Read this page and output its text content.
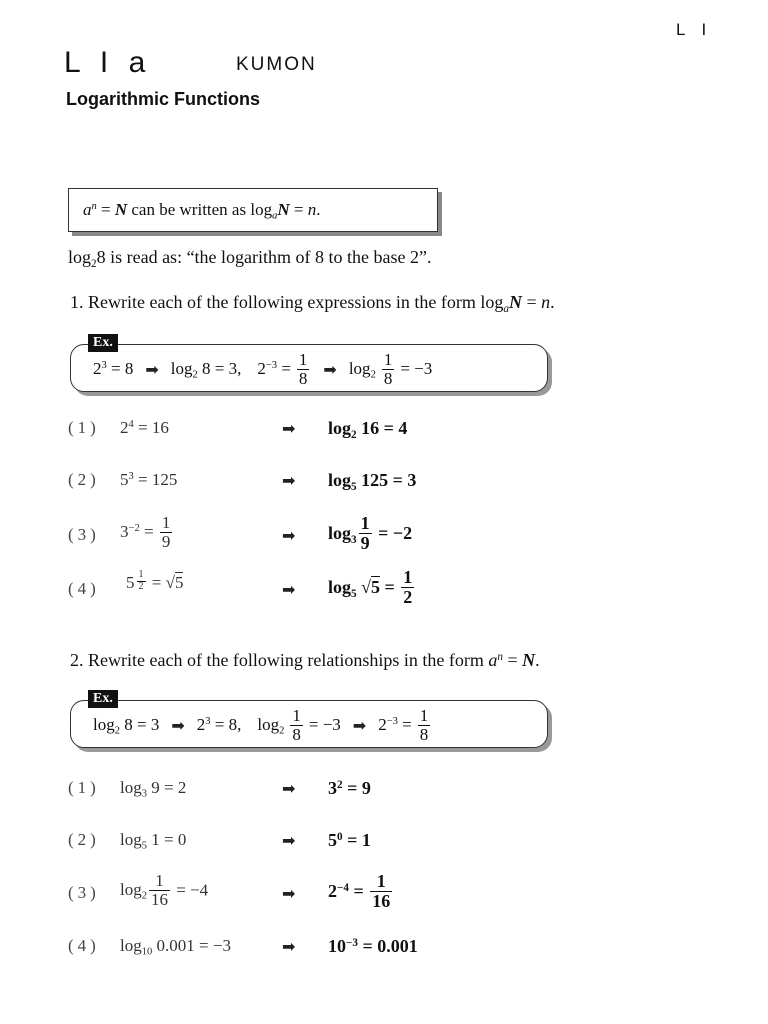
L I
L I a	KUMON
Logarithmic Functions
$a^n = N$ can be written as $\log_aN = n$.
$\log_28$ is read as: “the logarithm of 8 to the base 2”.
1. Rewrite each of the following expressions in the form $\log_aN = n$.
$2^3 = 8$ ➡ $\log_2 8 = 3$, $2^{-3} = \frac{1}{8}$ ➡ $\log_2 \frac{1}{8} = -3$
Ex.
(1) $2^4 = 16$	➡ $\log_2 16 = 4$
(2) $5^3 = 125$	➡ $\log_5 125 = 3$
(3) $3^{-2} = \frac{1}{9}$	➡ $\log_3 \frac{1}{9} = -2$
(4) $5 \frac{1}{2} = √5$	➡ $\log_5 √5 = \frac{1}{2}$
2. Rewrite each of the following relationships in the form $a^n = N$.
$\log_2 8 = 3$ ➡ $2^3 = 8$, $\log_2 \frac{1}{8} = -3$ ➡ $2^{-3} = \frac{1}{8}$
Ex.
(1) $\log_3 9 = 2$	➡ $3^2 = 9$
(2) $\log_5 1 = 0$	➡ $5^0 = 1$
(3) $\log_2 \frac{1}{16} = -4$	➡ $2^{-4} = \frac{1}{16}$
(4) $\log_{10} 0.001 = -3$	➡ $10^{-3} = 0.001$
